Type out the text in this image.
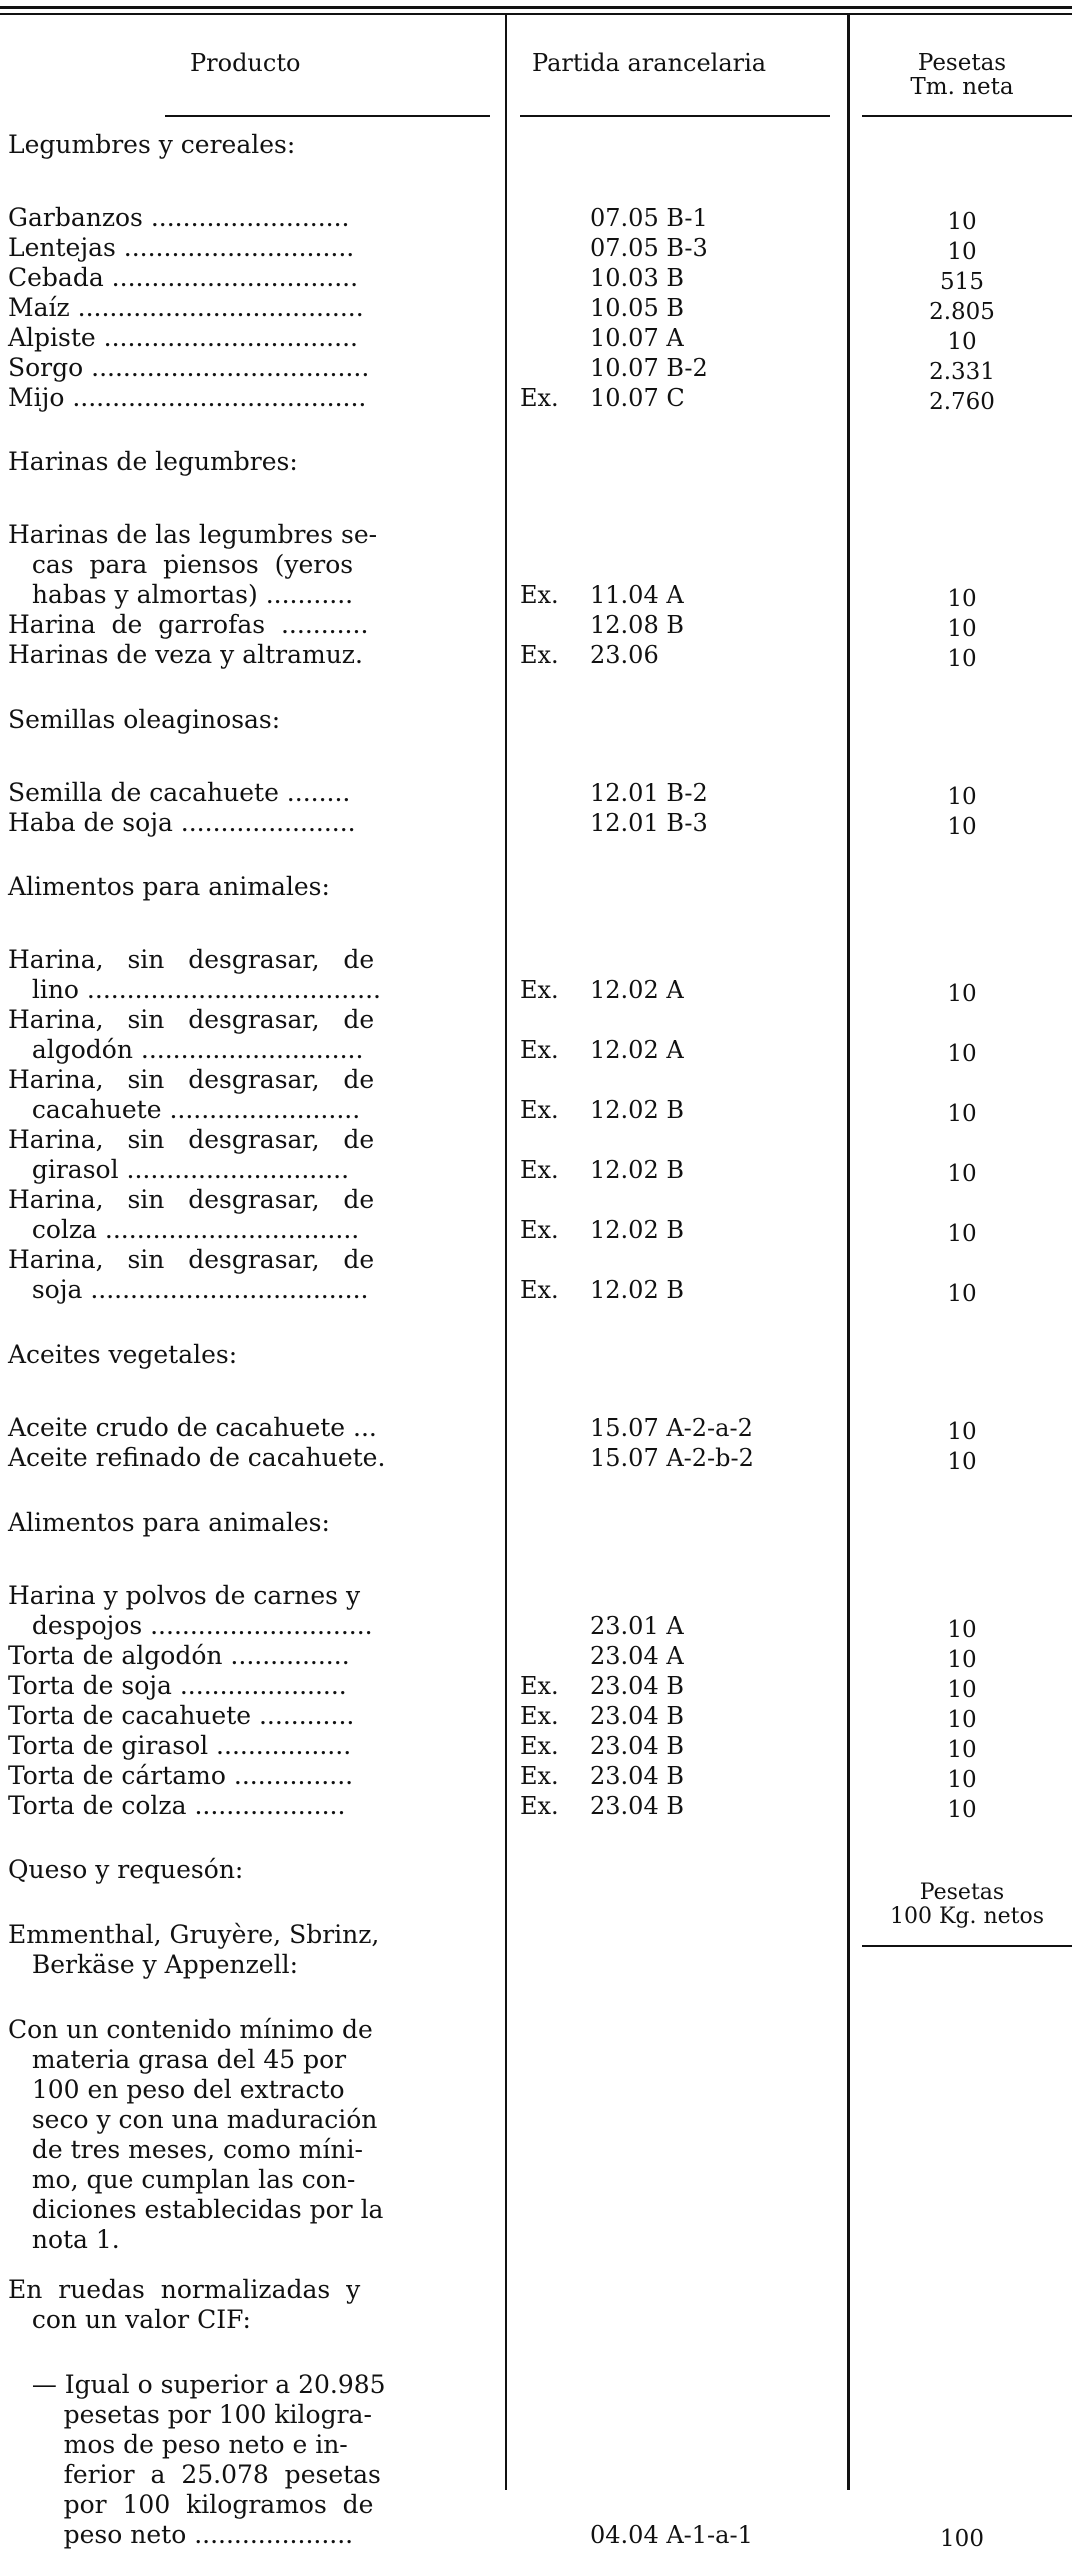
Producto	Partida arancelaria	Pesetas
Tm. neta
Pesetas
100 Kg. netos
Legumbres y cereales:
Garbanzos .........................	07.05 B-1	10
Lentejas .............................	07.05 B-3	10
Cebada ...............................	10.03 B	515
Maíz ....................................	10.05 B	2.805
Alpiste ................................	10.07 A	10
Sorgo ...................................	10.07 B-2	2.331
Mijo .....................................	Ex. 10.07 C	2.760
Harinas de legumbres:
Harinas de las legumbres se-
cas  para  piensos  (yeros
habas y almortas) ...........	Ex. 11.04 A	10
Harina  de  garrofas  ...........	12.08 B	10
Harinas de veza y altramuz.	Ex. 23.06	10
Semillas oleaginosas:
Semilla de cacahuete ........	12.01 B-2	10
Haba de soja ......................	12.01 B-3	10
Alimentos para animales:
Harina,   sin   desgrasar,   de
lino .....................................	Ex. 12.02 A	10
Harina,   sin   desgrasar,   de
algodón ............................	Ex. 12.02 A	10
Harina,   sin   desgrasar,   de
cacahuete ........................	Ex. 12.02 B	10
Harina,   sin   desgrasar,   de
girasol ............................	Ex. 12.02 B	10
Harina,   sin   desgrasar,   de
colza ................................	Ex. 12.02 B	10
Harina,   sin   desgrasar,   de
soja ...................................	Ex. 12.02 B	10
Aceites vegetales:
Aceite crudo de cacahuete ...	15.07 A-2-a-2	10
Aceite refinado de cacahuete.	15.07 A-2-b-2	10
Alimentos para animales:
Harina y polvos de carnes y
despojos ............................	23.01 A	10
Torta de algodón ...............	23.04 A	10
Torta de soja .....................	Ex. 23.04 B	10
Torta de cacahuete ............	Ex. 23.04 B	10
Torta de girasol .................	Ex. 23.04 B	10
Torta de cártamo ...............	Ex. 23.04 B	10
Torta de colza ...................	Ex. 23.04 B	10
Queso y requesón:
Emmenthal, Gruyère, Sbrinz,
Berkäse y Appenzell:
Con un contenido mínimo de
materia grasa del 45 por
100 en peso del extracto
seco y con una maduración
de tres meses, como míni-
mo, que cumplan las con-
diciones establecidas por la
nota 1.
En  ruedas  normalizadas  y
con un valor CIF:
— Igual o superior a 20.985
pesetas por 100 kilogra-
mos de peso neto e in-
ferior  a  25.078  pesetas
por  100  kilogramos  de
peso neto ....................	04.04 A-1-a-1	100
